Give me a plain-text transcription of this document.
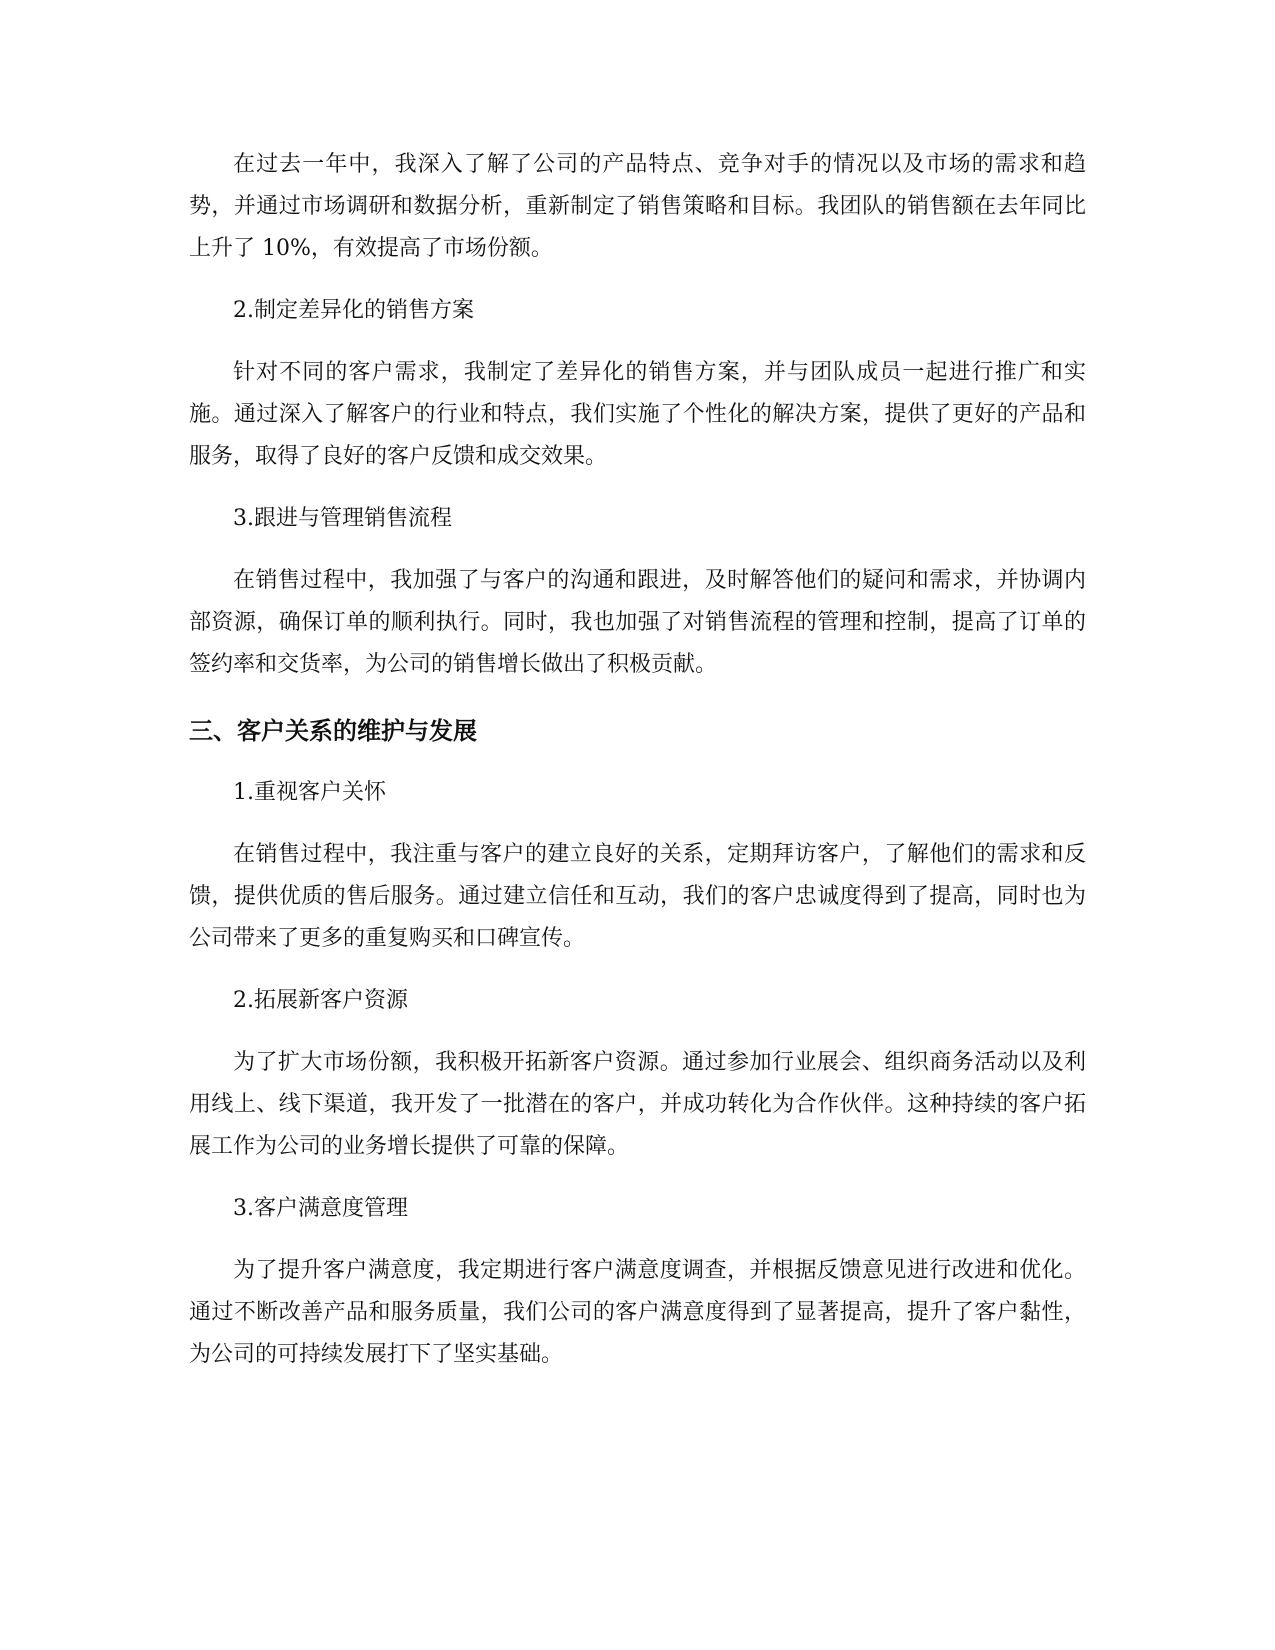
在过去一年中，我深入了解了公司的产品特点、竞争对手的情况以及市场的需求和趋势，并通过市场调研和数据分析，重新制定了销售策略和目标。我团队的销售额在去年同比上升了 10%，有效提高了市场份额。

2.制定差异化的销售方案

针对不同的客户需求，我制定了差异化的销售方案，并与团队成员一起进行推广和实施。通过深入了解客户的行业和特点，我们实施了个性化的解决方案，提供了更好的产品和服务，取得了良好的客户反馈和成交效果。

3.跟进与管理销售流程

在销售过程中，我加强了与客户的沟通和跟进，及时解答他们的疑问和需求，并协调内部资源，确保订单的顺利执行。同时，我也加强了对销售流程的管理和控制，提高了订单的签约率和交货率，为公司的销售增长做出了积极贡献。

三、客户关系的维护与发展

1.重视客户关怀

在销售过程中，我注重与客户的建立良好的关系，定期拜访客户，了解他们的需求和反馈，提供优质的售后服务。通过建立信任和互动，我们的客户忠诚度得到了提高，同时也为公司带来了更多的重复购买和口碑宣传。

2.拓展新客户资源

为了扩大市场份额，我积极开拓新客户资源。通过参加行业展会、组织商务活动以及利用线上、线下渠道，我开发了一批潜在的客户，并成功转化为合作伙伴。这种持续的客户拓展工作为公司的业务增长提供了可靠的保障。

3.客户满意度管理

为了提升客户满意度，我定期进行客户满意度调查，并根据反馈意见进行改进和优化。通过不断改善产品和服务质量，我们公司的客户满意度得到了显著提高，提升了客户黏性，为公司的可持续发展打下了坚实基础。
